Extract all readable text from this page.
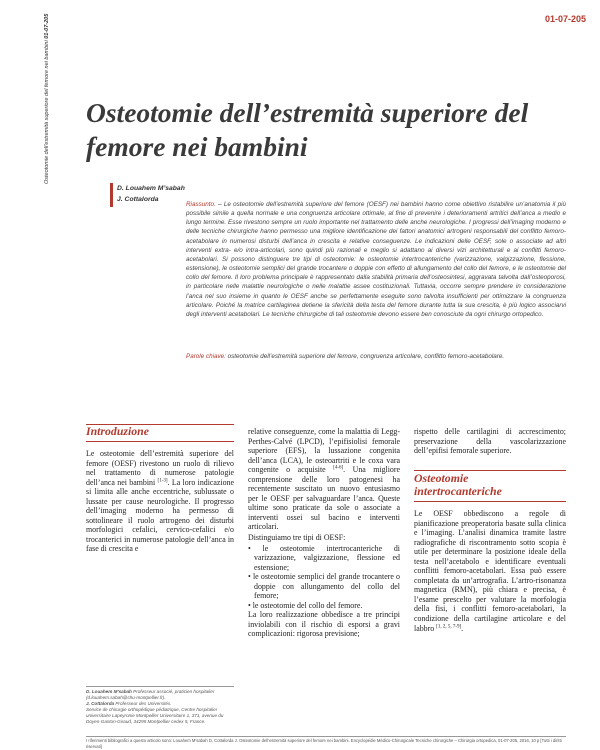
Osteotomie dell’estremità superiore del femore nei bambini 01-07-205	01-07-205
Osteotomie dell’estremità superiore del femore nei bambini
D. Louahem M’sabah
J. Cottalorda
Riassunto. – Le osteotomie dell’estremità superiore del femore (OESF) nei bambini hanno come obiettivo ristabilire un’anatomia il più possibile simile a quella normale e una congruenza articolare ottimale, al fine di prevenire i deterioramenti artritici dell’anca a medio e lungo termine. Esse rivestono sempre un ruolo importante nel trattamento delle anche neurologiche. I progressi dell’imaging moderno e delle tecniche chirurgiche hanno permesso una migliore identificazione dei fattori anatomici artrogeni responsabili del conflitto femoro-acetabolare in numerosi disturbi dell’anca in crescita e relative conseguenze. Le indicazioni delle OESF, sole o associate ad altri interventi extra- e/o intra-articolari, sono quindi più razionali e meglio si adattano ai diversi vizi architetturali e ai conflitti femoro-acetabolari. Si possono distinguere tre tipi di osteotomie: le osteotomie intertrocanteriche (varizzazione, valgizzazione, flessione, estensione), le osteotomie semplici del grande trocantere o doppie con effetto di allungamento del collo del femore, e le osteotomie del collo del femore. Il loro problema principale è rappresentato dalla stabilità primaria dell’osteosintesi, aggravata talvolta dall’osteoporosi, in particolare nelle malattie neurologiche o nelle malattie assee costituzionali. Tuttavia, occorre sempre prendere in considerazione l’anca nel suo insieme in quanto le OESF anche se perfettamente eseguite sono talvolta insufficienti per ottimizzare la congruenza articolare. Poiché la matrice cartilaginea detiene la sfericità della testa del femore durante tutta la sua crescita, è più logico associarvi degli interventi acetabolari. Le tecniche chirurgiche di tali osteotomie devono essere ben conosciute da ogni chirurgo ortopedico.
Parole chiave: osteotomie dell’estremità superiore del femore, congruenza articolare, conflitto femoro-acetabolare.
Introduzione

Le osteotomie dell’estremità superiore del femore (OESF) rivestono un ruolo di rilievo nel trattamento di numerose patologie dell’anca nei bambini [1-3]. La loro indicazione si limita alle anche eccentriche, sublussate o lussate per cause neurologiche. Il progresso dell’imaging moderno ha permesso di sottolineare il ruolo artrogeno dei disturbi morfologici cefalici, cervico-cefalici e/o trocanterici in numerose patologie dell’anca in fase di crescita e

relative conseguenze, come la malattia di Legg-Perthes-Calvé (LPCD), l’epifisiolisi femorale superiore (EFS), la lussazione congenita dell’anca (LCA), le osteoartriti e le coxa vara congenite o acquisite [4-6]. Una migliore comprensione delle loro patogenesi ha recentemente suscitato un nuovo entusiasmo per le OESF per salvaguardare l’anca. Queste ultime sono praticate da sole o associate a interventi ossei sul bacino e interventi articolari.

Distinguiamo tre tipi di OESF:

• le osteotomie intertrocanteriche di varizzazione, valgizzazione, flessione ed estensione;
• le osteotomie semplici del grande trocantere o doppie con allungamento del collo del femore;
• le osteotomie del collo del femore.

La loro realizzazione obbedisce a tre principi inviolabili con il rischio di esporsi a gravi complicazioni: rigorosa previsione;

rispetto delle cartilagini di accrescimento; preservazione della vascolarizzazione dell’epifisi femorale superiore.

Osteotomie
intertrocanteriche

Le OESF obbediscono a regole di pianificazione preoperatoria basate sulla clinica e l’imaging. L’analisi dinamica tramite lastre radiografiche di riscontramento sotto scopia è utile per determinare la posizione ideale della testa nell’acetabolo e identificare eventuali conflitti femoro-acetabolari. Essa può essere completata da un’artrografia. L’artro-risonanza magnetica (RMN), più chiara e precisa, è l’esame prescelto per valutare la morfologia della fisi, i conflitti femoro-acetabolari, la condizione della cartilagine articolare e del labbro [1, 2, 5, 7-9].

D. Louahem M’sabah Professeur associé, praticien hospitalier (d.louahem.sabah@chu-montpellier.fr).
J. Cottalorda Professeur des Universités.
Service de chirurgie orthopédique pédiatrique, Centre hospitalier universitaire Lapeyronie Montpellier Universitaire 1, 371, avenue du Doyen-Gaston-Giraud, 34295 Montpellier cedex 5, France.
I riferimenti bibliografici a questo articolo sono: Louahem M’sabah D, Cottalorda J. Osteotomie dell’estremità superiore del femore nei bambini. Encyclopédie Médico-Chirurgicale Tecniche chirurgiche – Chirurgia ortopedica, 01-07-205, 2016, 10 p [Tutti i diritti riservati]
